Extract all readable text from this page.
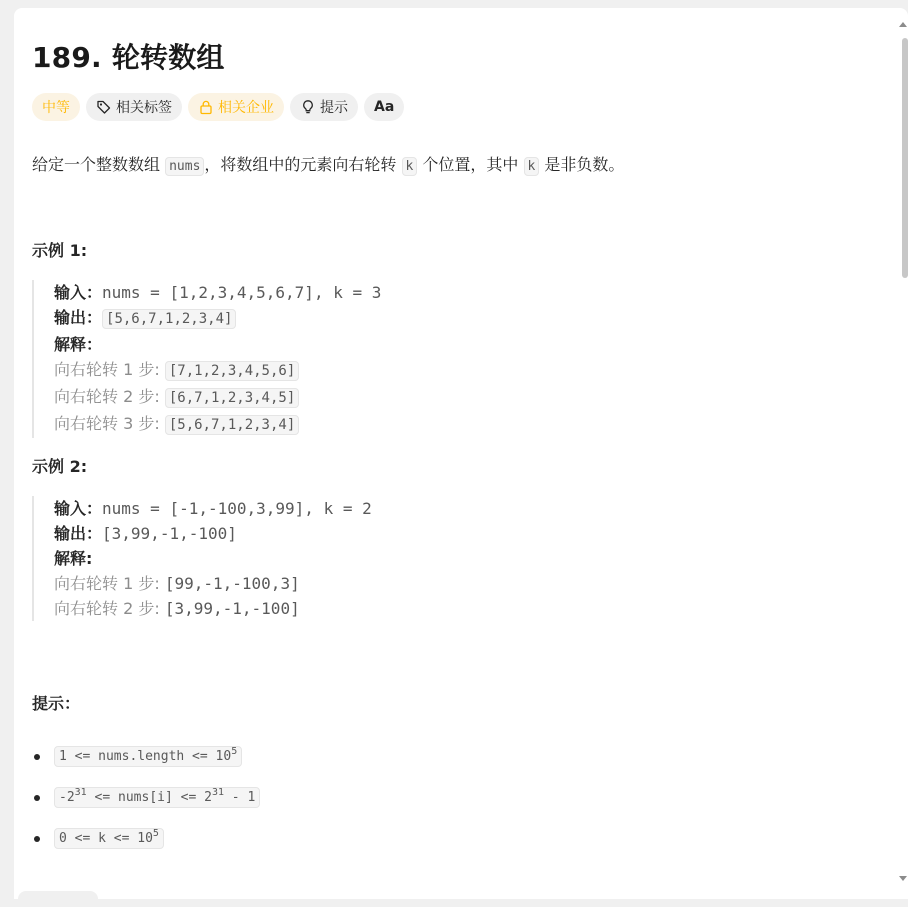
189. 轮转数组
中等	相关标签	相关企业	提示 Aa
给定一个整数数组 nums ，将数组中的元素向右轮转 k 个位置，其中 k 是非负数。
示例 1:
输入：nums = [1,2,3,4,5,6,7], k = 3
输出： [5,6,7,1,2,3,4]
解释：
向右轮转 1 步: [7,1,2,3,4,5,6]
向右轮转 2 步: [6,7,1,2,3,4,5]
向右轮转 3 步: [5,6,7,1,2,3,4]
示例 2:
输入：nums = [-1,-100,3,99], k = 2
输出：[3,99,-1,-100]
解释:
向右轮转 1 步: [99,-1,-100,3]
向右轮转 2 步: [3,99,-1,-100]
提示：
1 <= nums.length <= $10^5$
$-2^{31}$ <= nums[i] <= $2^{31} - 1$
$0 <= k <= 10^5$
